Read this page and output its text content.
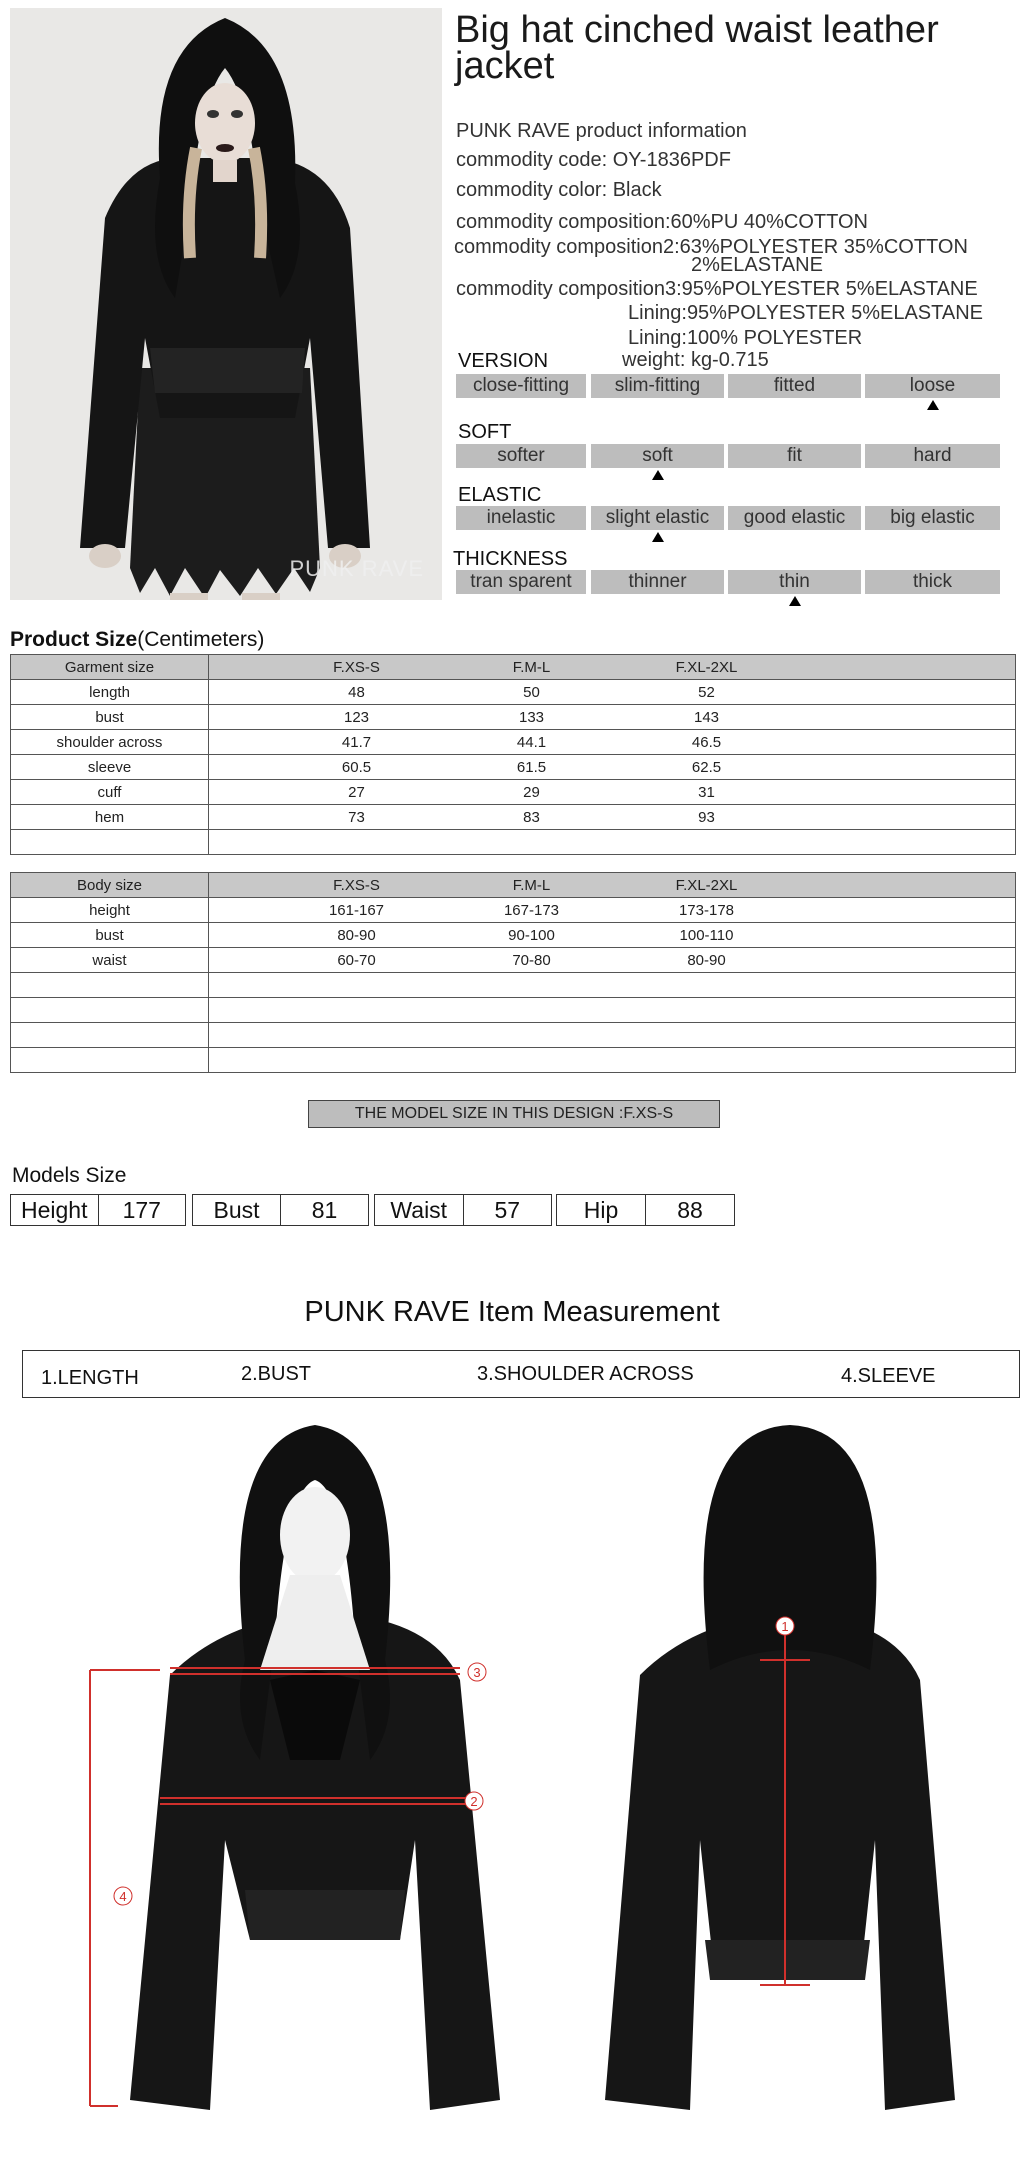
PUNK RAVE
Big hat cinched waist leather jacket
PUNK RAVE product information
commodity code: OY-1836PDF
commodity color: Black
commodity composition:60%PU 40%COTTON
commodity composition2:63%POLYESTER 35%COTTON
2%ELASTANE
commodity composition3:95%POLYESTER 5%ELASTANE
Lining:95%POLYESTER 5%ELASTANE
Lining:100% POLYESTER
weight: kg-0.715
VERSION
close-fitting	slim-fitting	fitted	loose
SOFT
softer	soft	fit	hard
ELASTIC
inelastic	slight elastic	good elastic	big elastic
THICKNESS
tran sparent	thinner	thin	thick
Product Size(Centimeters)
Garment size	F.XS-S F.M-L F.XL-2XL

length	48 50 52

bust	123 133 143

shoulder across	41.7 44.1 46.5

sleeve	60.5 61.5 62.5

cuff	27 29 31

hem	73 83 93

Body size	F.XS-S F.M-L F.XL-2XL

height	161-167 167-173 173-178

bust	80-90 90-100 100-110

waist	60-70 70-80 80-90

THE MODEL SIZE IN THIS DESIGN :F.XS-S
Models Size
Height	177	Bust	81	Waist	57	Hip	88
PUNK RAVE Item Measurement
1.LENGTH	2.BUST	3.SHOULDER ACROSS	4.SLEEVE
3
2
4
1
